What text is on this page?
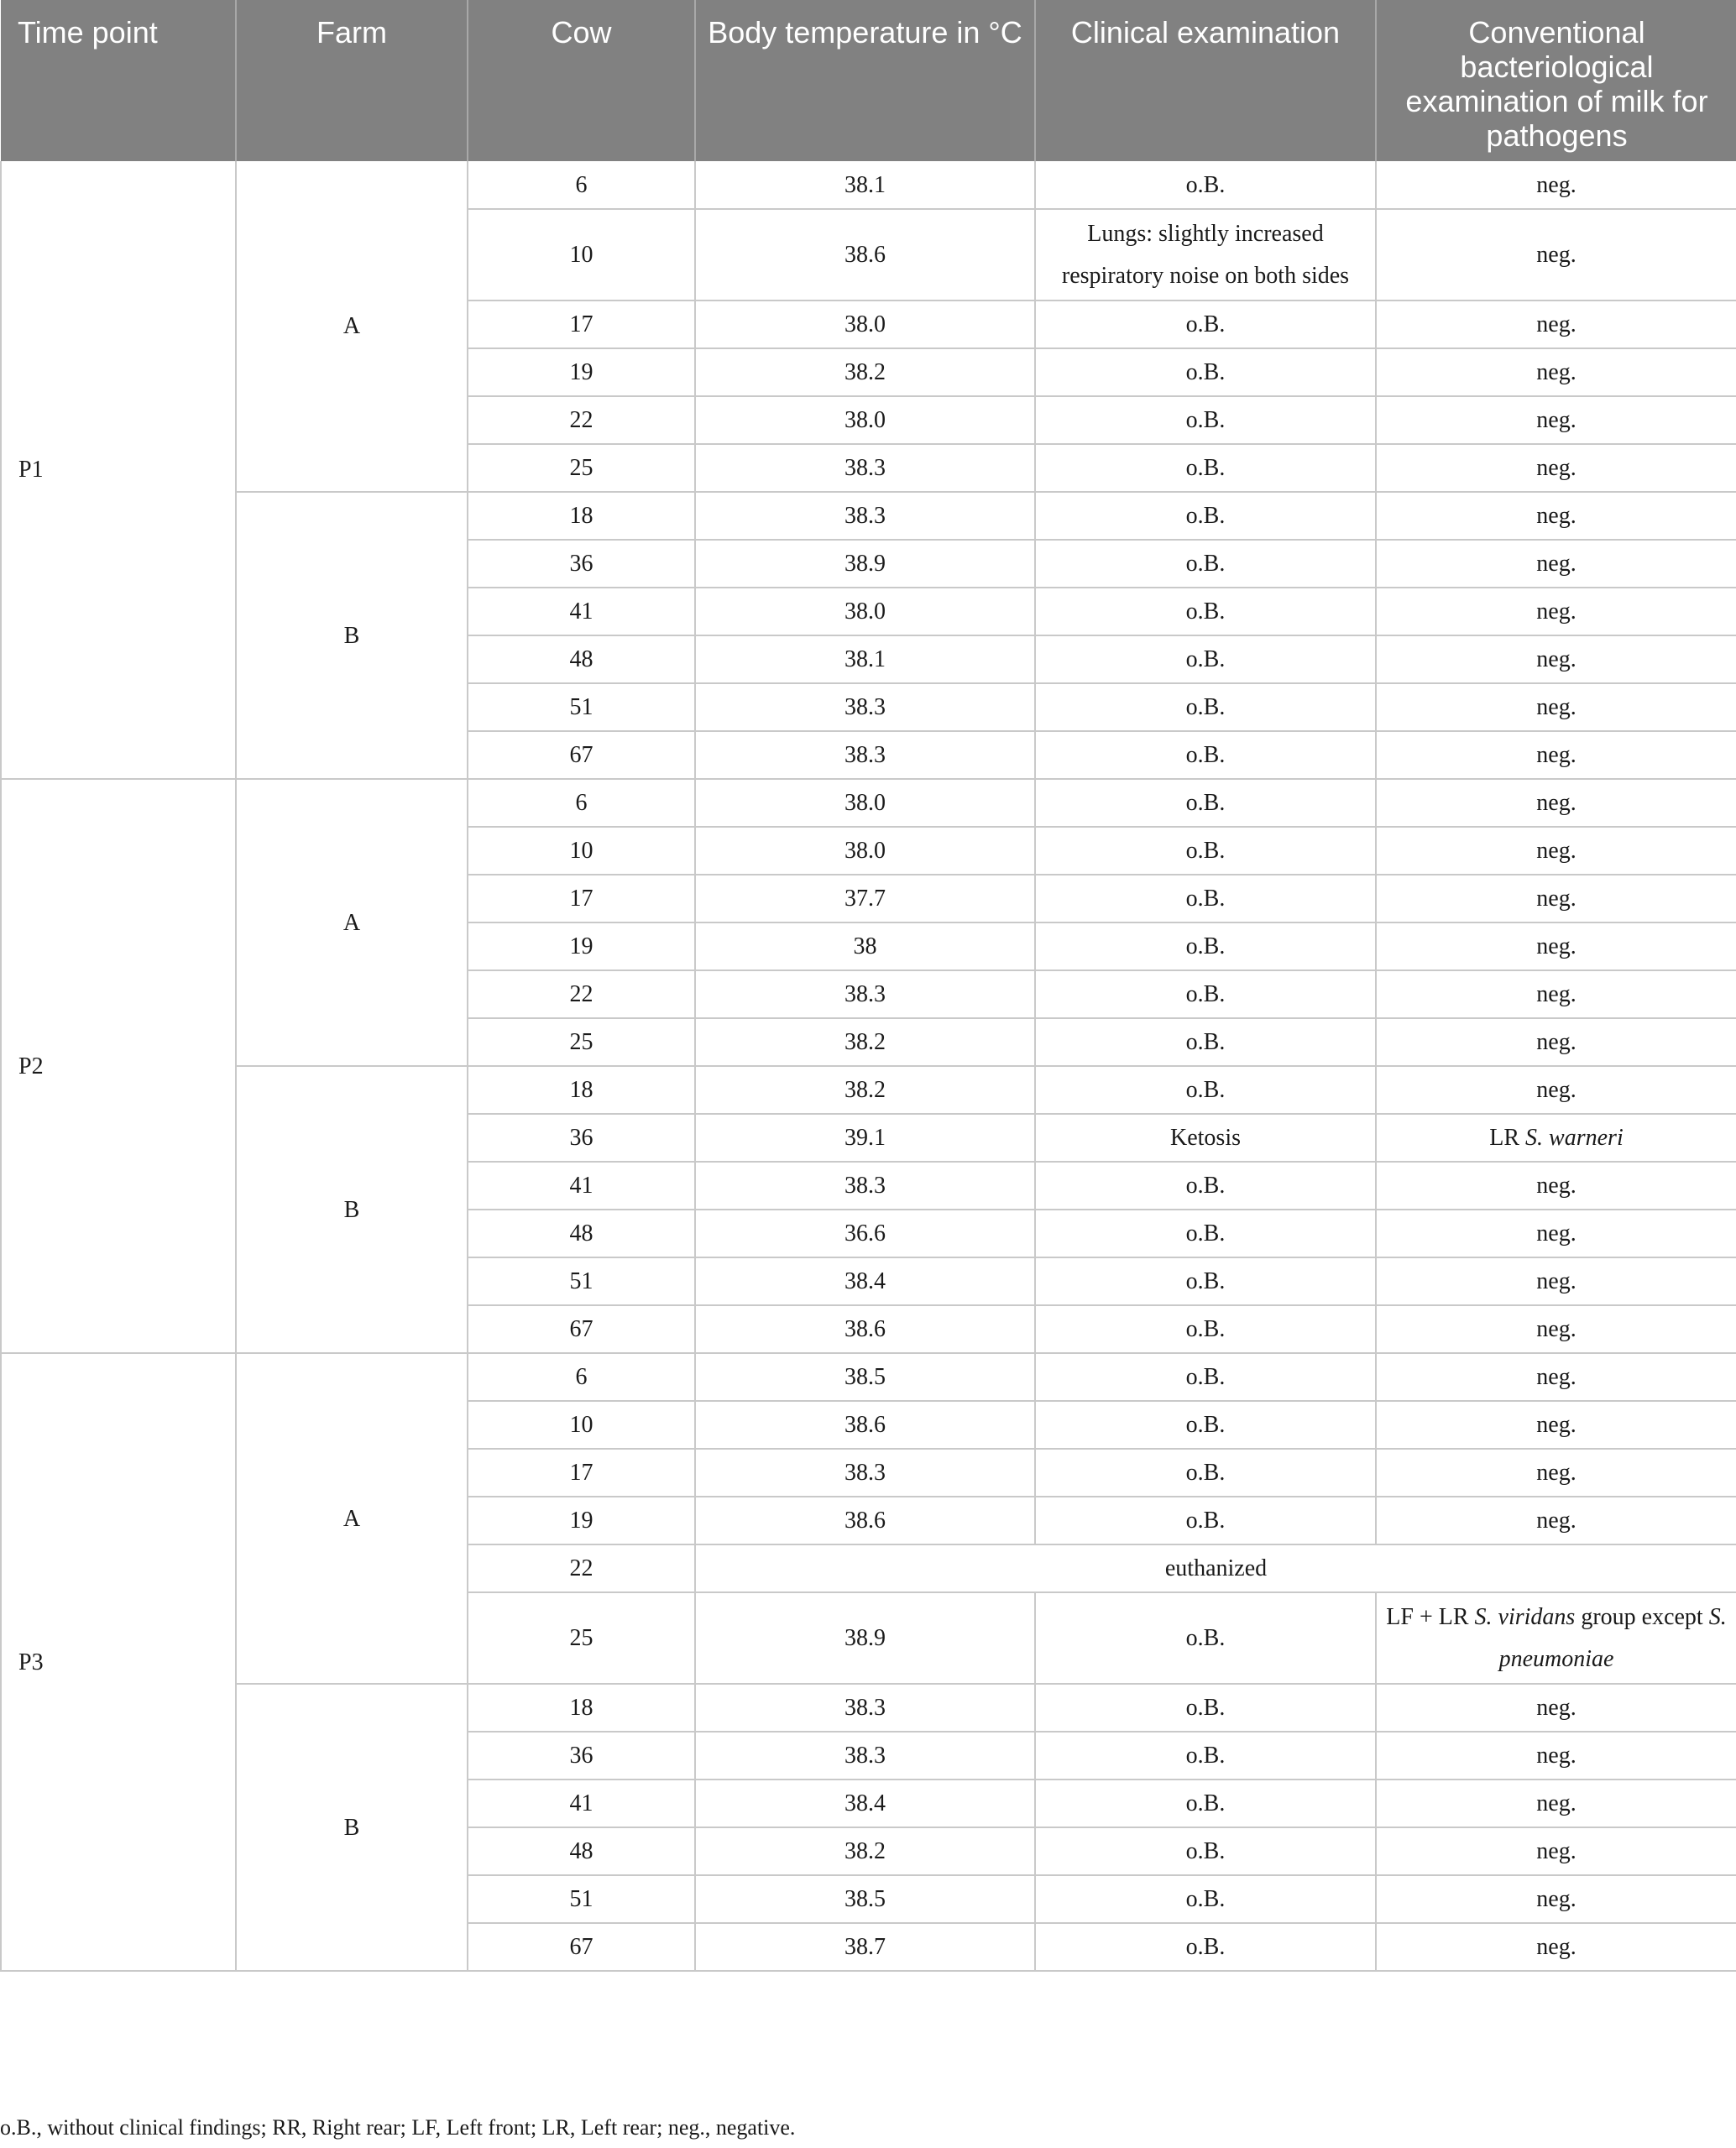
Time point	Farm	Cow	Body temperature in °C	Clinical examination	Conventional bacteriological examination of milk for pathogens
P1	A	6	38.1	o.B.	neg.
		10	38.6	Lungs: slightly increased respiratory noise on both sides	neg.
		17	38.0	o.B.	neg.
		19	38.2	o.B.	neg.
		22	38.0	o.B.	neg.
		25	38.3	o.B.	neg.
	B	18	38.3	o.B.	neg.
		36	38.9	o.B.	neg.
		41	38.0	o.B.	neg.
		48	38.1	o.B.	neg.
		51	38.3	o.B.	neg.
		67	38.3	o.B.	neg.
P2	A	6	38.0	o.B.	neg.
		10	38.0	o.B.	neg.
		17	37.7	o.B.	neg.
		19	38	o.B.	neg.
		22	38.3	o.B.	neg.
		25	38.2	o.B.	neg.
	B	18	38.2	o.B.	neg.
		36	39.1	Ketosis	LR S. warneri
		41	38.3	o.B.	neg.
		48	36.6	o.B.	neg.
		51	38.4	o.B.	neg.
		67	38.6	o.B.	neg.
P3	A	6	38.5	o.B.	neg.
		10	38.6	o.B.	neg.
		17	38.3	o.B.	neg.
		19	38.6	o.B.	neg.
		22	euthanized		
		25	38.9	o.B.	LF + LR S. viridans group except S. pneumoniae
	B	18	38.3	o.B.	neg.
		36	38.3	o.B.	neg.
		41	38.4	o.B.	neg.
		48	38.2	o.B.	neg.
		51	38.5	o.B.	neg.
		67	38.7	o.B.	neg.
o.B., without clinical findings; RR, Right rear; LF, Left front; LR, Left rear; neg., negative.
